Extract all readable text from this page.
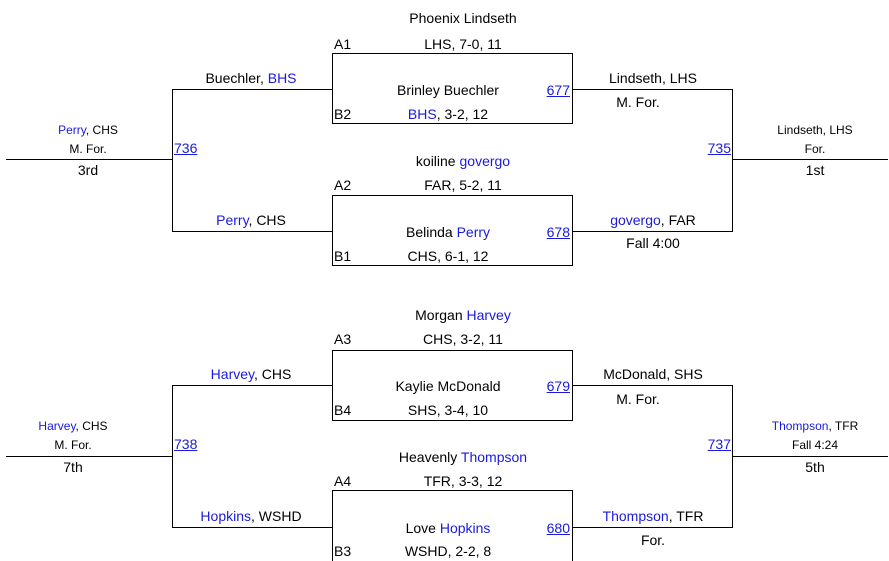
Phoenix Lindseth
A1	LHS, 7-0, 11
Brinley Buechler
B2	BHS, 3-2, 12
677
koiline govergo
A2	FAR, 5-2, 11
Belinda Perry
B1	CHS, 6-1, 12
678
Buechler, BHS
Perry, CHS
736
Perry, CHS
M. For.
3rd
Lindseth, LHS
M. For.
govergo, FAR
Fall 4:00
735
Lindseth, LHS
For.
1st
Morgan Harvey
A3	CHS, 3-2, 11
Kaylie McDonald
B4	SHS, 3-4, 10
679
Heavenly Thompson
A4	TFR, 3-3, 12
Love Hopkins
B3	WSHD, 2-2, 8
680
Harvey, CHS
Hopkins, WSHD
738
Harvey, CHS
M. For.
7th
McDonald, SHS
M. For.
Thompson, TFR
For.
737
Thompson, TFR
Fall 4:24
5th
